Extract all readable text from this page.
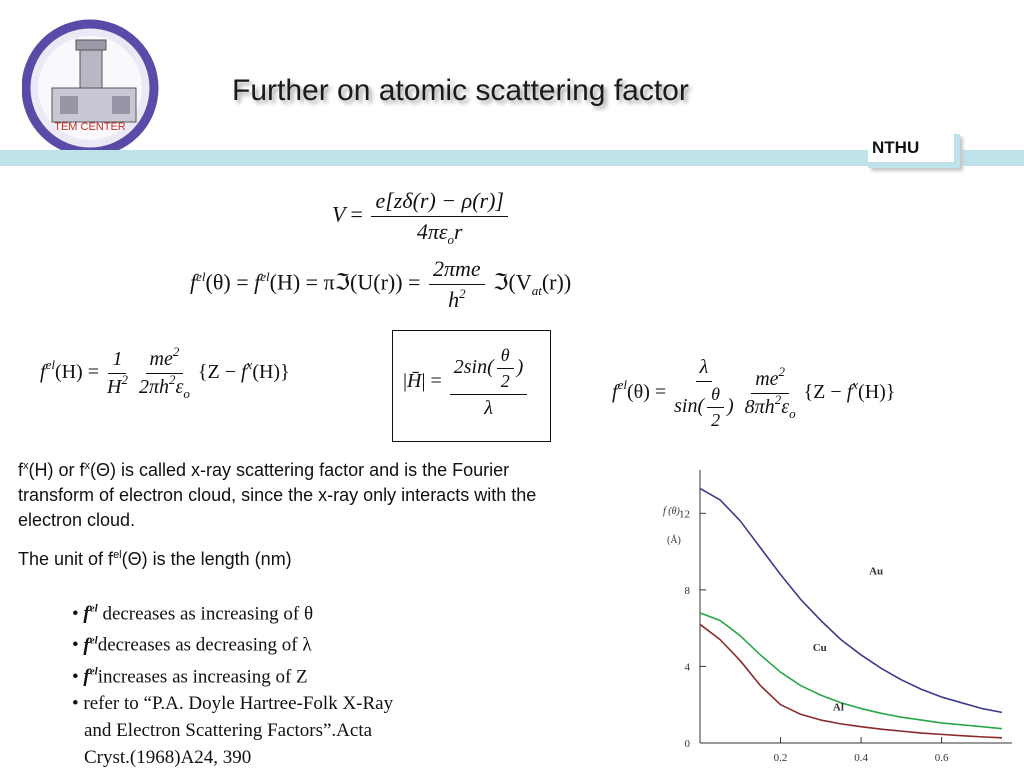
TEM CENTER
Further on atomic scattering factor
NTHU
$V = \frac{e[z\delta(r) - \rho(r)]}{4\pi\varepsilon_or}$
$f^{el}(\theta) = f^{el}(H)$ = πℑ(U(r)) = $\frac{\text{2πme}}{h^2}$ $ℑ(V_{at}(r))$
$f^{el}(H) = \frac{1}{H^2}$
$\frac{me^2}{2\pi h^2\varepsilon_o} \{Z - f^x(H)\}$	|H̄| = $\frac{2\sin( \frac{\theta}{2} )}{\lambda}$	$f^{el}(\theta) = \frac{\lambda}{\sin( \frac{\theta}{2} )}$
$\frac{me^2}{8\pi h^2\varepsilon_o} \{Z - f^x(H)\}$
$f^x(H)$ or $f^x(\Theta)$ is called x-ray scattering factor and is the Fourier
transform of electron cloud, since the x-ray only interacts with the
electron cloud.
The unit of $f^{el}(\Theta)$ is the length (nm)
• $f^{el}$ decreases as increasing of θ
• $f^{el}decreases$ as decreasing of λ
• $f^{el}increases$ as increasing of Z
• refer to “P.A. Doyle Hartree-Folk X-Ray
and Electron Scattering Factors”.Acta
Cryst.(1968)A24, 390
0
4
8
12
0.2	0.4	0.6
f (θ)
(Å)
Au
Cu
Al
